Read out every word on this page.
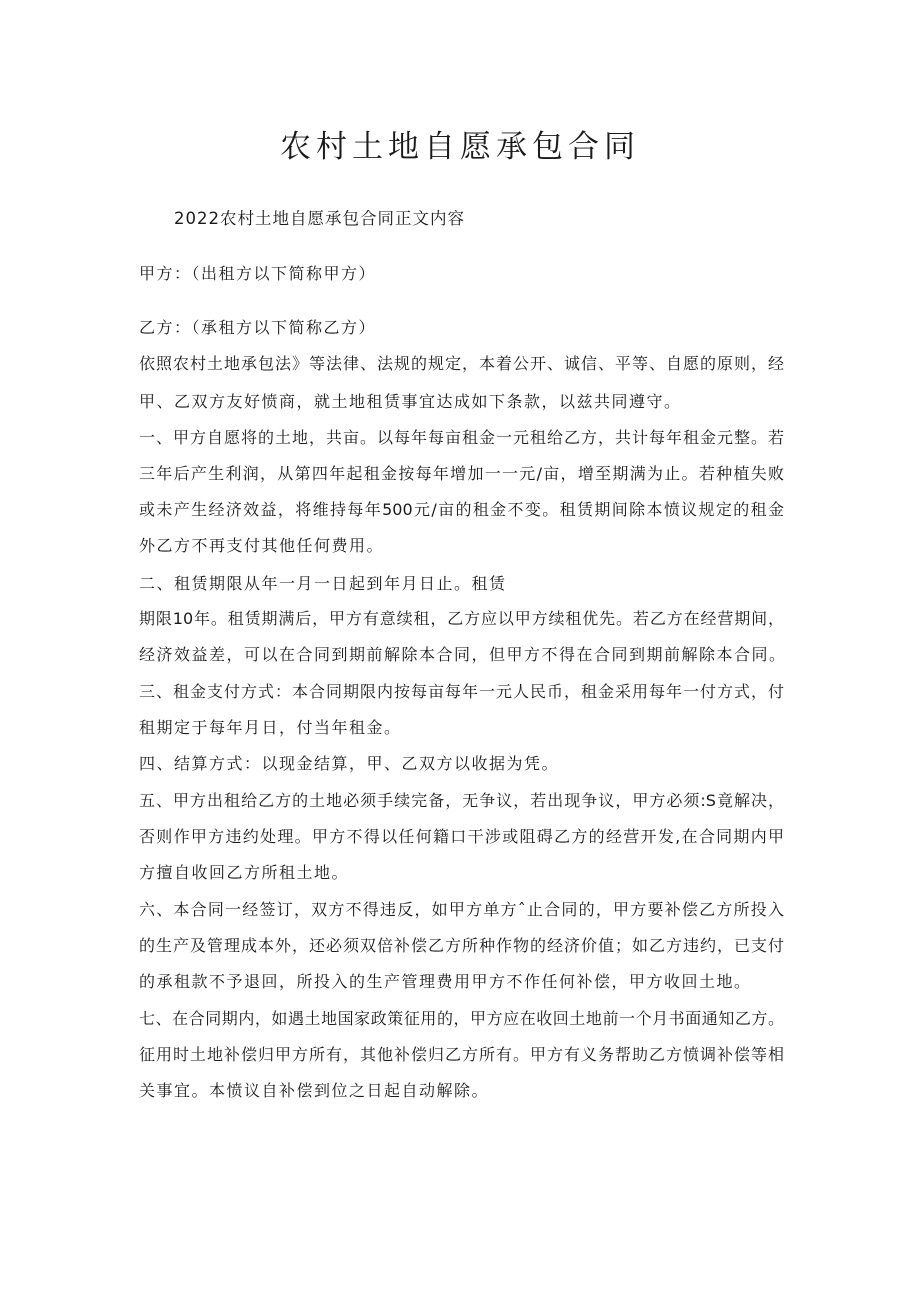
农村土地自愿承包合同
2022农村土地自愿承包合同正文内容
甲方：（出租方以下简称甲方）
乙方：（承租方以下简称乙方）
依照农村土地承包法》等法律、法规的规定，本着公开、诚信、平等、自愿的原则，经
甲、乙双方友好愤商，就土地租赁事宜达成如下条款，以兹共同遵守。
一、甲方自愿将的土地，共亩。以每年每亩租金一元租给乙方，共计每年租金元整。若
三年后产生利润，从第四年起租金按每年增加一一元/亩，增至期满为止。若种植失败
或未产生经济效益，将维持每年500元/亩的租金不变。租赁期间除本愤议规定的租金
外乙方不再支付其他任何费用。
二、租赁期限从年一月一日起到年月日止。租赁
期限10年。租赁期满后，甲方有意续租，乙方应以甲方续租优先。若乙方在经营期间，
经济效益差，可以在合同到期前解除本合同，但甲方不得在合同到期前解除本合同。
三、租金支付方式：本合同期限内按每亩每年一元人民币，租金采用每年一付方式，付
租期定于每年月日，付当年租金。
四、结算方式：以现金结算，甲、乙双方以收据为凭。
五、甲方出租给乙方的土地必须手续完备，无争议，若出现争议，甲方必须:S竟解决，
否则作甲方违约处理。甲方不得以任何籍口干涉或阻碍乙方的经营开发,在合同期内甲
方擅自收回乙方所租土地。
六、本合同一经签订，双方不得违反，如甲方单方ˆ止合同的，甲方要补偿乙方所投入
的生产及管理成本外，还必须双倍补偿乙方所种作物的经济价值；如乙方违约，已支付
的承租款不予退回，所投入的生产管理费用甲方不作任何补偿，甲方收回土地。
七、在合同期内，如遇土地国家政策征用的，甲方应在收回土地前一个月书面通知乙方。
征用时土地补偿归甲方所有，其他补偿归乙方所有。甲方有义务帮助乙方愤调补偿等相
关事宜。本愤议自补偿到位之日起自动解除。
